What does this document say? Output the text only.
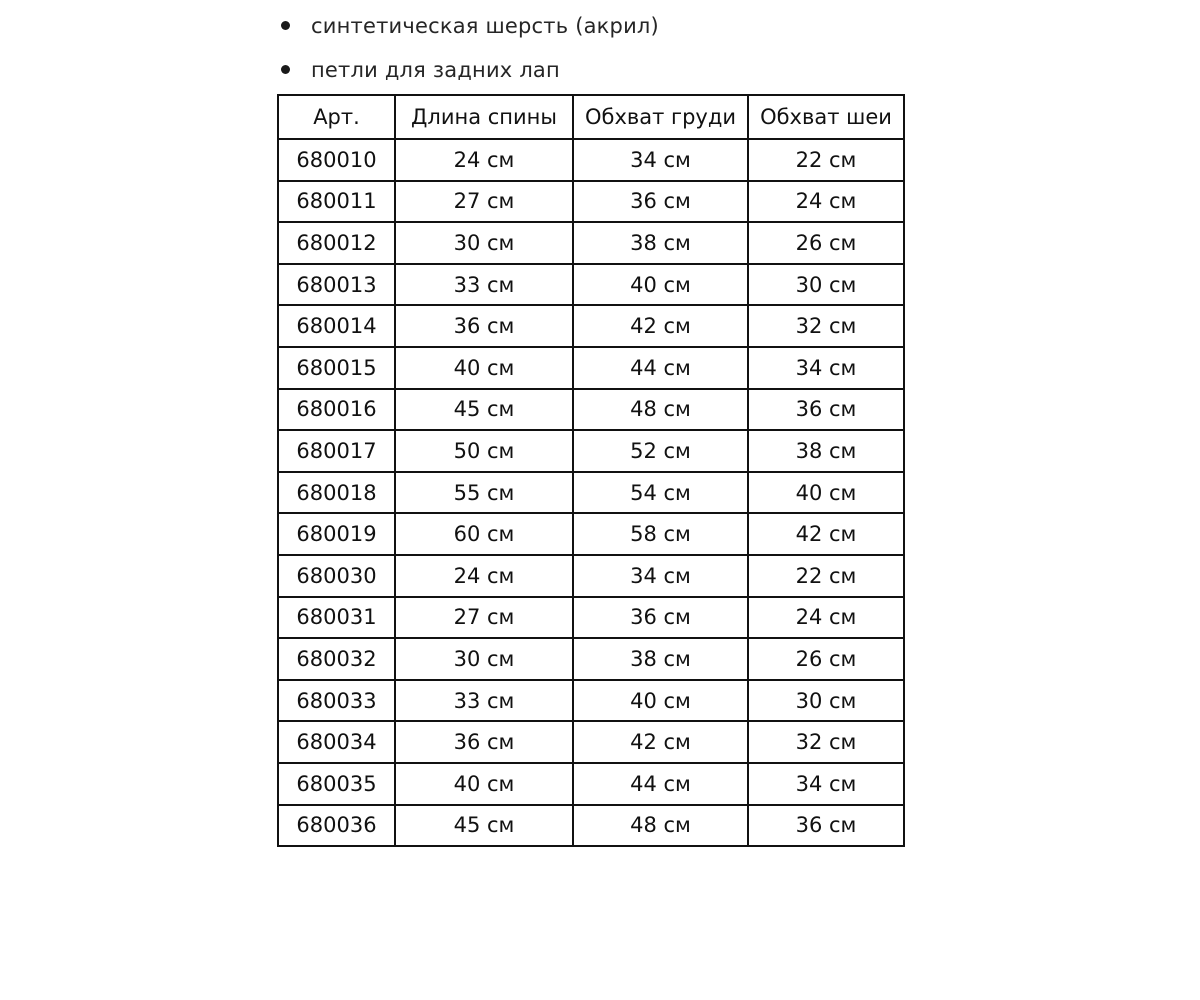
синтетическая шерсть (акрил)
петли для задних лап
Арт.	Длина спины	Обхват груди	Обхват шеи
680010	24 см	34 см	22 см
680011	27 см	36 см	24 см
680012	30 см	38 см	26 см
680013	33 см	40 см	30 см
680014	36 см	42 см	32 см
680015	40 см	44 см	34 см
680016	45 см	48 см	36 см
680017	50 см	52 см	38 см
680018	55 см	54 см	40 см
680019	60 см	58 см	42 см
680030	24 см	34 см	22 см
680031	27 см	36 см	24 см
680032	30 см	38 см	26 см
680033	33 см	40 см	30 см
680034	36 см	42 см	32 см
680035	40 см	44 см	34 см
680036	45 см	48 см	36 см
